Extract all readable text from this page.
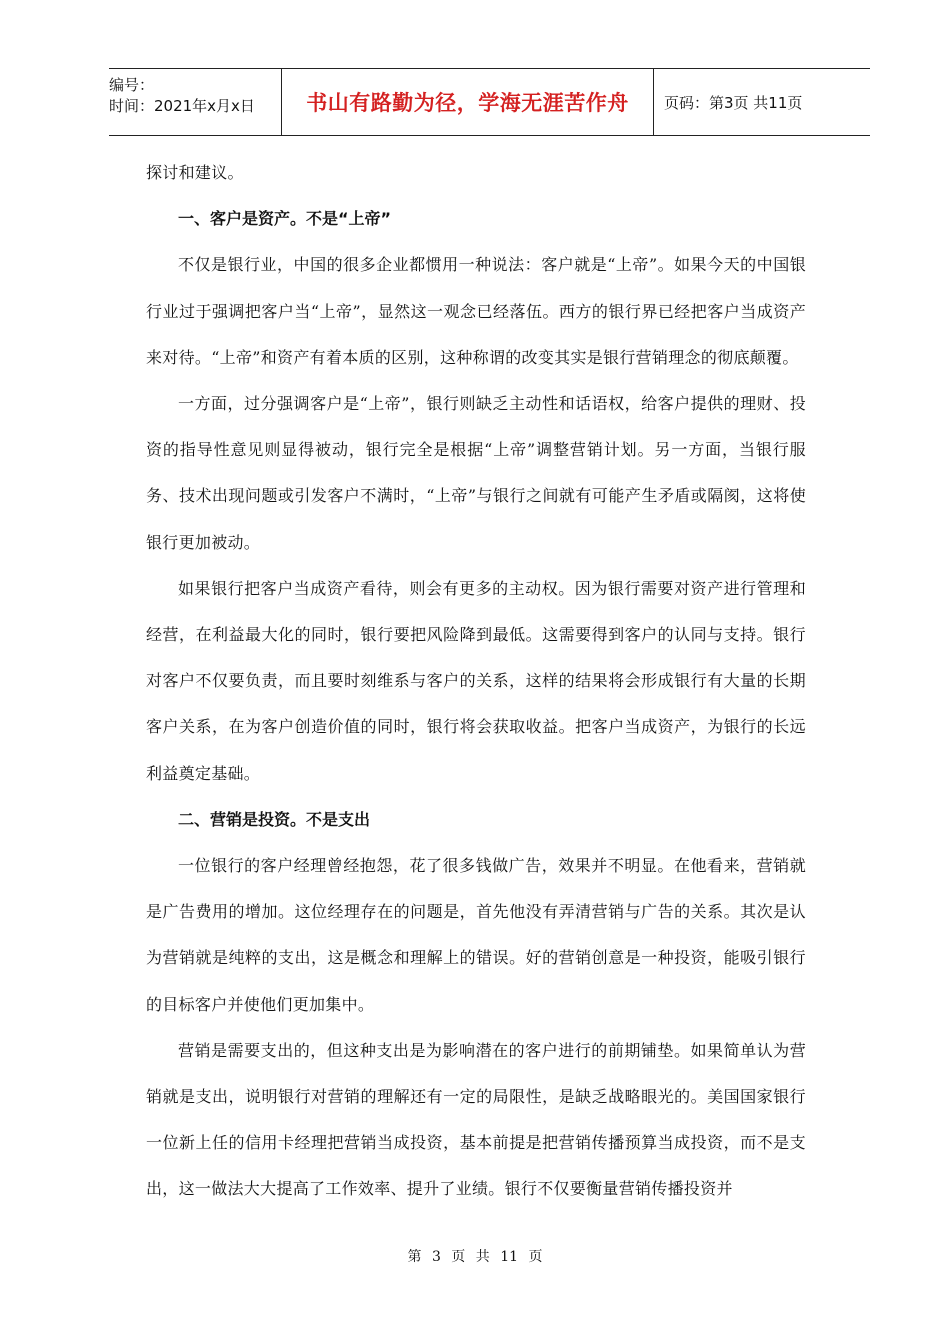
编号：
时间：2021年x月x日	书山有路勤为径，学海无涯苦作舟 页码：第3页 共11页

探讨和建议。

一、客户是资产。不是“上帝”

不仅是银行业，中国的很多企业都惯用一种说法：客户就是“上帝”。如果今天的中国银行业过于强调把客户当“上帝”，显然这一观念已经落伍。西方的银行界已经把客户当成资产来对待。“上帝”和资产有着本质的区别，这种称谓的改变其实是银行营销理念的彻底颠覆。

一方面，过分强调客户是“上帝”，银行则缺乏主动性和话语权，给客户提供的理财、投资的指导性意见则显得被动，银行完全是根据“上帝”调整营销计划。另一方面，当银行服务、技术出现问题或引发客户不满时，“上帝”与银行之间就有可能产生矛盾或隔阂，这将使银行更加被动。

如果银行把客户当成资产看待，则会有更多的主动权。因为银行需要对资产进行管理和经营，在利益最大化的同时，银行要把风险降到最低。这需要得到客户的认同与支持。银行对客户不仅要负责，而且要时刻维系与客户的关系，这样的结果将会形成银行有大量的长期客户关系，在为客户创造价值的同时，银行将会获取收益。把客户当成资产，为银行的长远利益奠定基础。

二、营销是投资。不是支出

一位银行的客户经理曾经抱怨，花了很多钱做广告，效果并不明显。在他看来，营销就是广告费用的增加。这位经理存在的问题是，首先他没有弄清营销与广告的关系。其次是认为营销就是纯粹的支出，这是概念和理解上的错误。好的营销创意是一种投资，能吸引银行的目标客户并使他们更加集中。

营销是需要支出的，但这种支出是为影响潜在的客户进行的前期铺垫。如果简单认为营销就是支出，说明银行对营销的理解还有一定的局限性，是缺乏战略眼光的。美国国家银行一位新上任的信用卡经理把营销当成投资，基本前提是把营销传播预算当成投资，而不是支出，这一做法大大提高了工作效率、提升了业绩。银行不仅要衡量营销传播投资并

第 3 页 共 11 页
